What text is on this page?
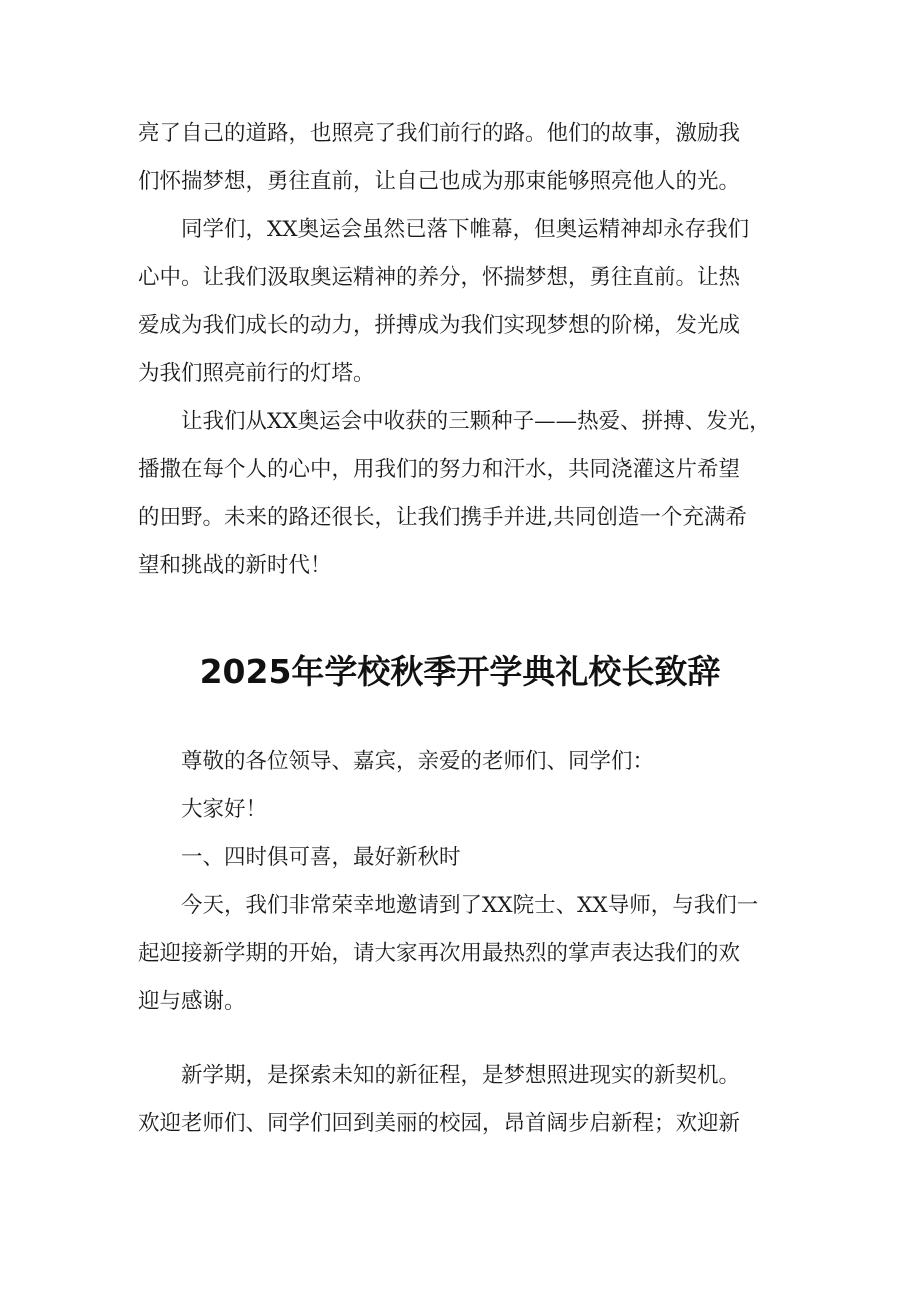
亮了自己的道路，也照亮了我们前行的路。他们的故事，激励我
们怀揣梦想，勇往直前，让自己也成为那束能够照亮他人的光。
　　同学们，XX奥运会虽然已落下帷幕，但奥运精神却永存我们
心中。让我们汲取奥运精神的养分，怀揣梦想，勇往直前。让热
爱成为我们成长的动力，拼搏成为我们实现梦想的阶梯，发光成
为我们照亮前行的灯塔。
　　让我们从XX奥运会中收获的三颗种子——热爱、拼搏、发光，
播撒在每个人的心中，用我们的努力和汗水，共同浇灌这片希望
的田野。未来的路还很长，让我们携手并进,共同创造一个充满希
望和挑战的新时代！
2025年学校秋季开学典礼校长致辞
　　尊敬的各位领导、嘉宾，亲爱的老师们、同学们：
　　大家好！
　　一、四时俱可喜，最好新秋时
　　今天，我们非常荣幸地邀请到了XX院士、XX导师，与我们一
起迎接新学期的开始，请大家再次用最热烈的掌声表达我们的欢
迎与感谢。
　　新学期，是探索未知的新征程，是梦想照进现实的新契机。
欢迎老师们、同学们回到美丽的校园，昂首阔步启新程；欢迎新
